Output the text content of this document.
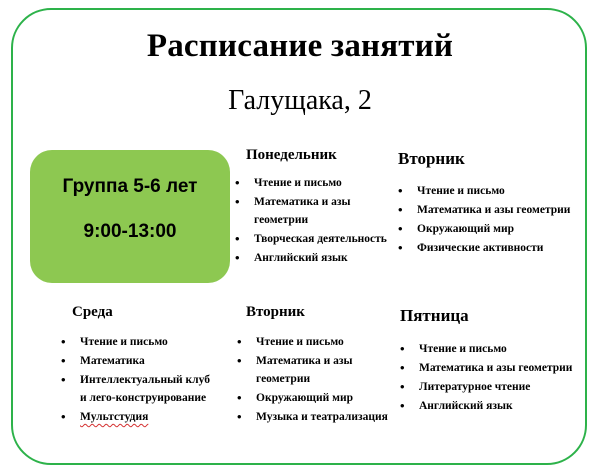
Расписание занятий
Галущака, 2
Группа 5-6 лет
9:00-13:00

Понедельник

• Чтение и письмо
• Математика и азы геометрии
• Творческая деятельность
• Английский язык

Вторник

• Чтение и письмо
• Математика и азы геометрии
• Окружающий мир
• Физические активности

Среда

• Чтение и письмо
• Математика
• Интеллектуальный клуб и лего-конструирование
• Мультстудия

Вторник

• Чтение и письмо
• Математика и азы геометрии
• Окружающий мир
• Музыка и театрализация

Пятница

• Чтение и письмо
• Математика и азы геометрии
• Литературное чтение
• Английский язык
